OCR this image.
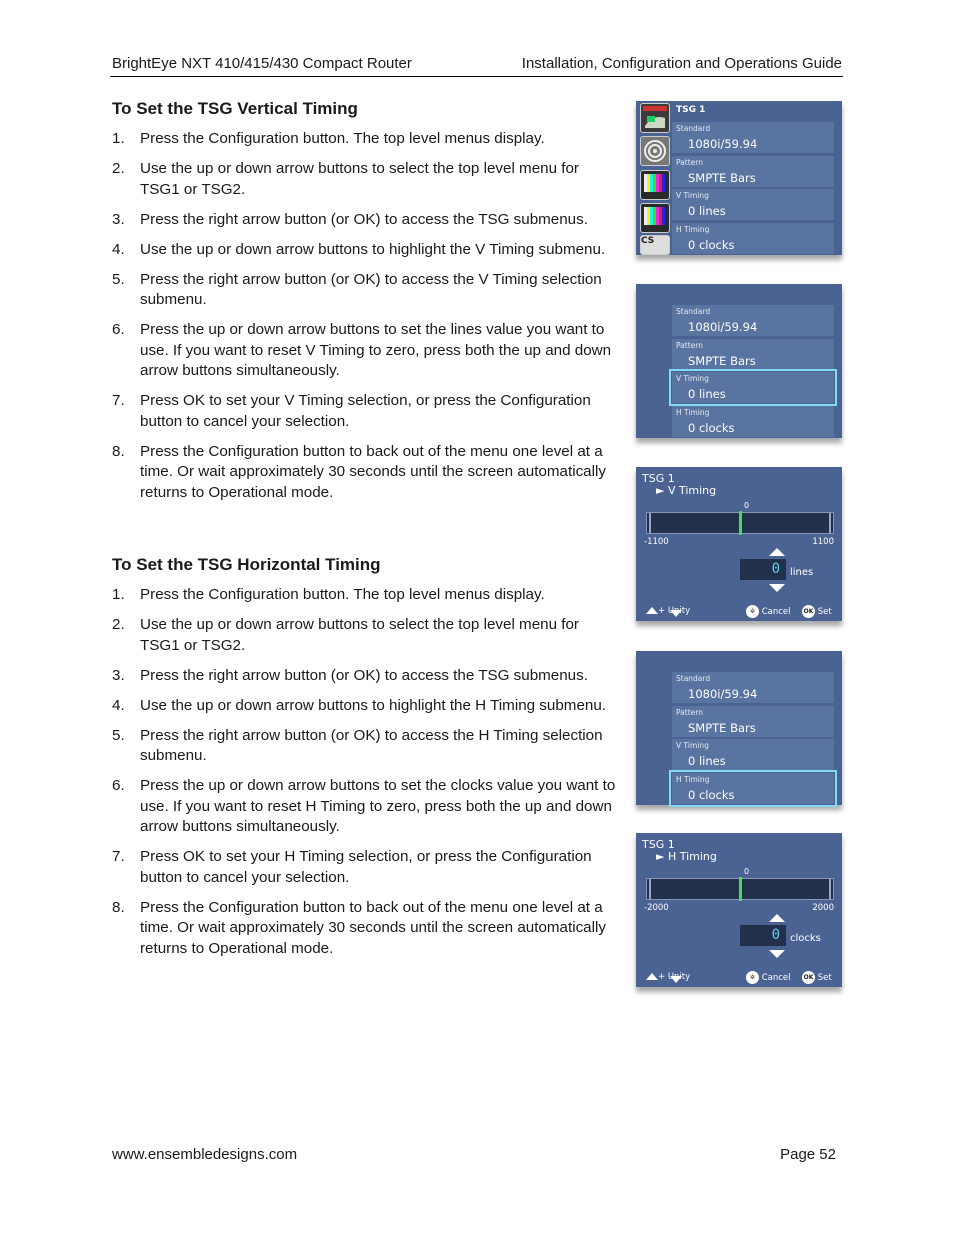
BrightEye NXT 410/415/430 Compact Router	Installation, Configuration and Operations Guide
To Set the TSG Vertical Timing
1. Press the Configuration button. The top level menus display.
2. Use the up or down arrow buttons to select the top level menu for TSG1 or TSG2.
3. Press the right arrow button (or OK) to access the TSG submenus.
4. Use the up or down arrow buttons to highlight the V Timing submenu.
5. Press the right arrow button (or OK) to access the V Timing selection submenu.
6. Press the up or down arrow buttons to set the lines value you want to use. If you want to reset V Timing to zero, press both the up and down arrow buttons simultaneously.
7. Press OK to set your V Timing selection, or press the Configuration button to cancel your selection.
8. Press the Configuration button to back out of the menu one level at a time. Or wait approximately 30 seconds until the screen automatically returns to Operational mode.
To Set the TSG Horizontal Timing
1. Press the Configuration button. The top level menus display.
2. Use the up or down arrow buttons to select the top level menu for TSG1 or TSG2.
3. Press the right arrow button (or OK) to access the TSG submenus.
4. Use the up or down arrow buttons to highlight the H Timing submenu.
5. Press the right arrow button (or OK) to access the H Timing selection submenu.
6. Press the up or down arrow buttons to set the clocks value you want to use. If you want to reset H Timing to zero, press both the up and down arrow buttons simultaneously.
7. Press OK to set your H Timing selection, or press the Configuration button to cancel your selection.
8. Press the Configuration button to back out of the menu one level at a time. Or wait approximately 30 seconds until the screen automatically returns to Operational mode.
CS
TSG 1
Standard
1080i/59.94
Pattern
SMPTE Bars
V Timing
0 lines
H Timing
0 clocks
Standard
1080i/59.94
Pattern
SMPTE Bars
V Timing
0 lines
H Timing
0 clocks
TSG 1
► V Timing
0
-1100	1100
0 lines
+ Unity	✲ Cancel OK Set
Standard
1080i/59.94
Pattern
SMPTE Bars
V Timing
0 lines
H Timing
0 clocks
TSG 1
► H Timing
0
-2000	2000
0 clocks
+ Unity	✲ Cancel OK Set
www.ensembledesigns.com	Page 52
